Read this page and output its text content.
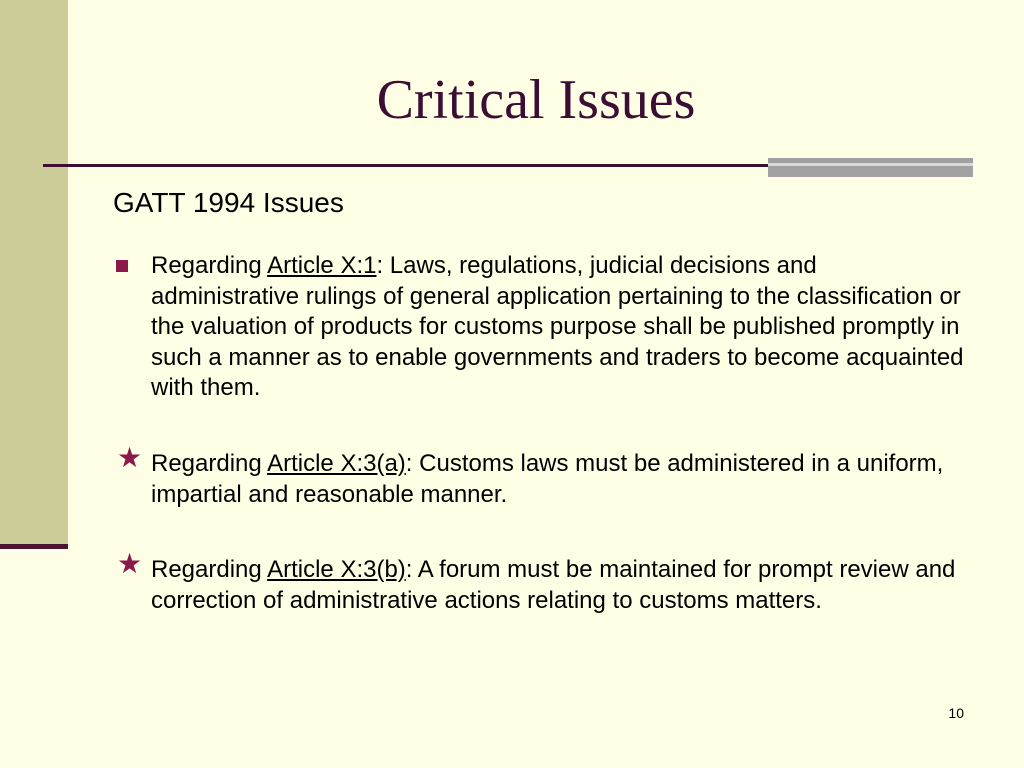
Critical Issues
GATT 1994 Issues
Regarding Article X:1: Laws, regulations, judicial decisions and administrative rulings of general application pertaining to the classification or the valuation of products for customs purpose shall be published promptly in such a manner as to enable governments and traders to become acquainted with them.
★ Regarding Article X:3(a): Customs laws must be administered in a uniform, impartial and reasonable manner.
★ Regarding Article X:3(b): A forum must be maintained for prompt review and correction of administrative actions relating to customs matters.
10
